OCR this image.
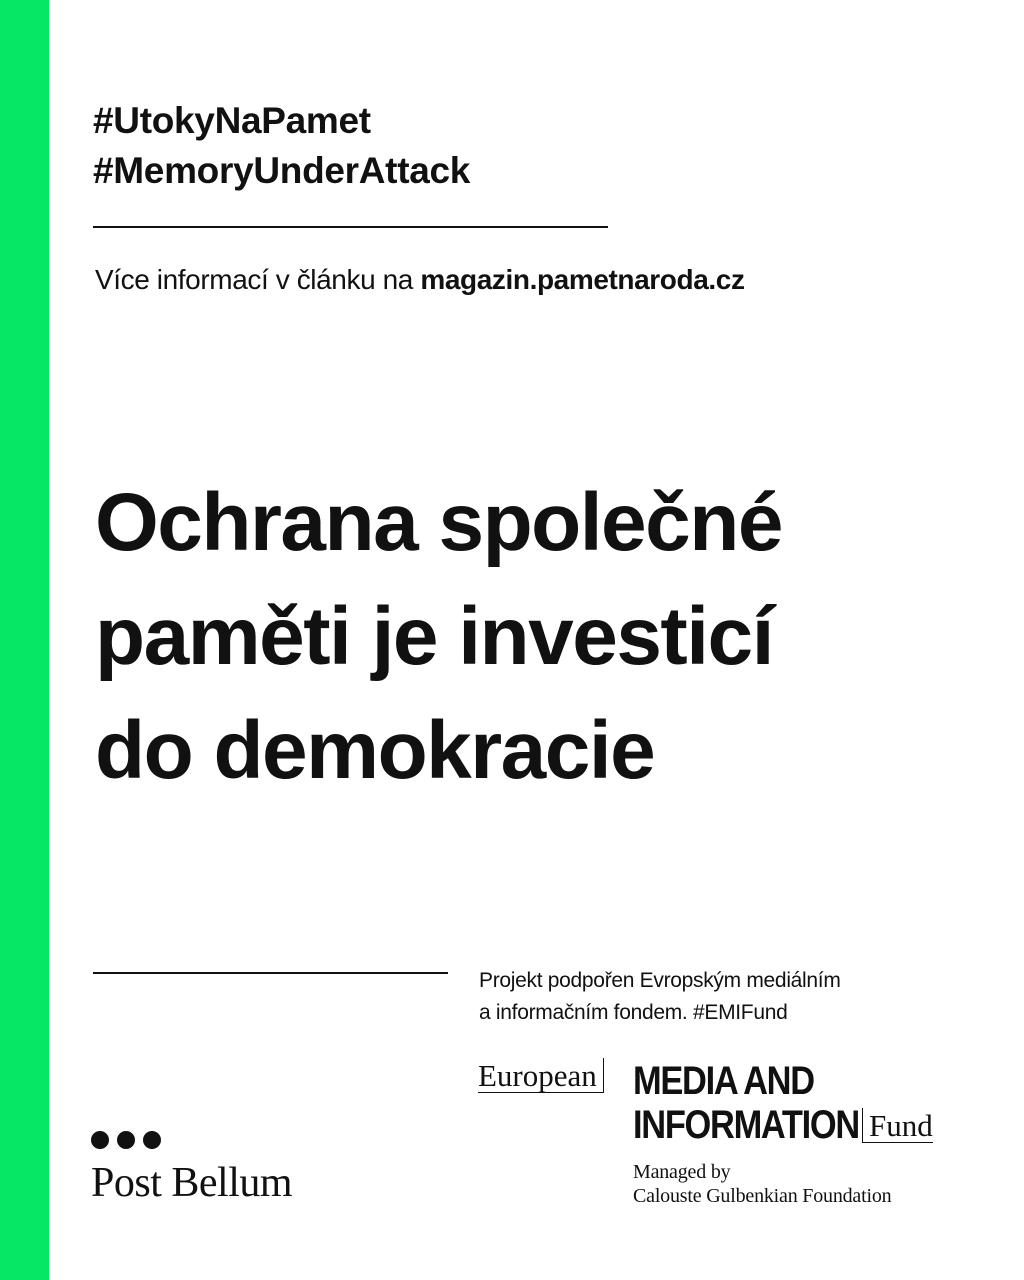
#UtokyNaPamet
#MemoryUnderAttack
Více informací v článku na magazin.pametnaroda.cz
Ochrana společné
paměti je investicí
do demokracie
Projekt podpořen Evropským mediálním
a informačním fondem. #EMIFund
European MEDIA AND
INFORMATION Fund
Managed by
Calouste Gulbenkian Foundation
Post Bellum
